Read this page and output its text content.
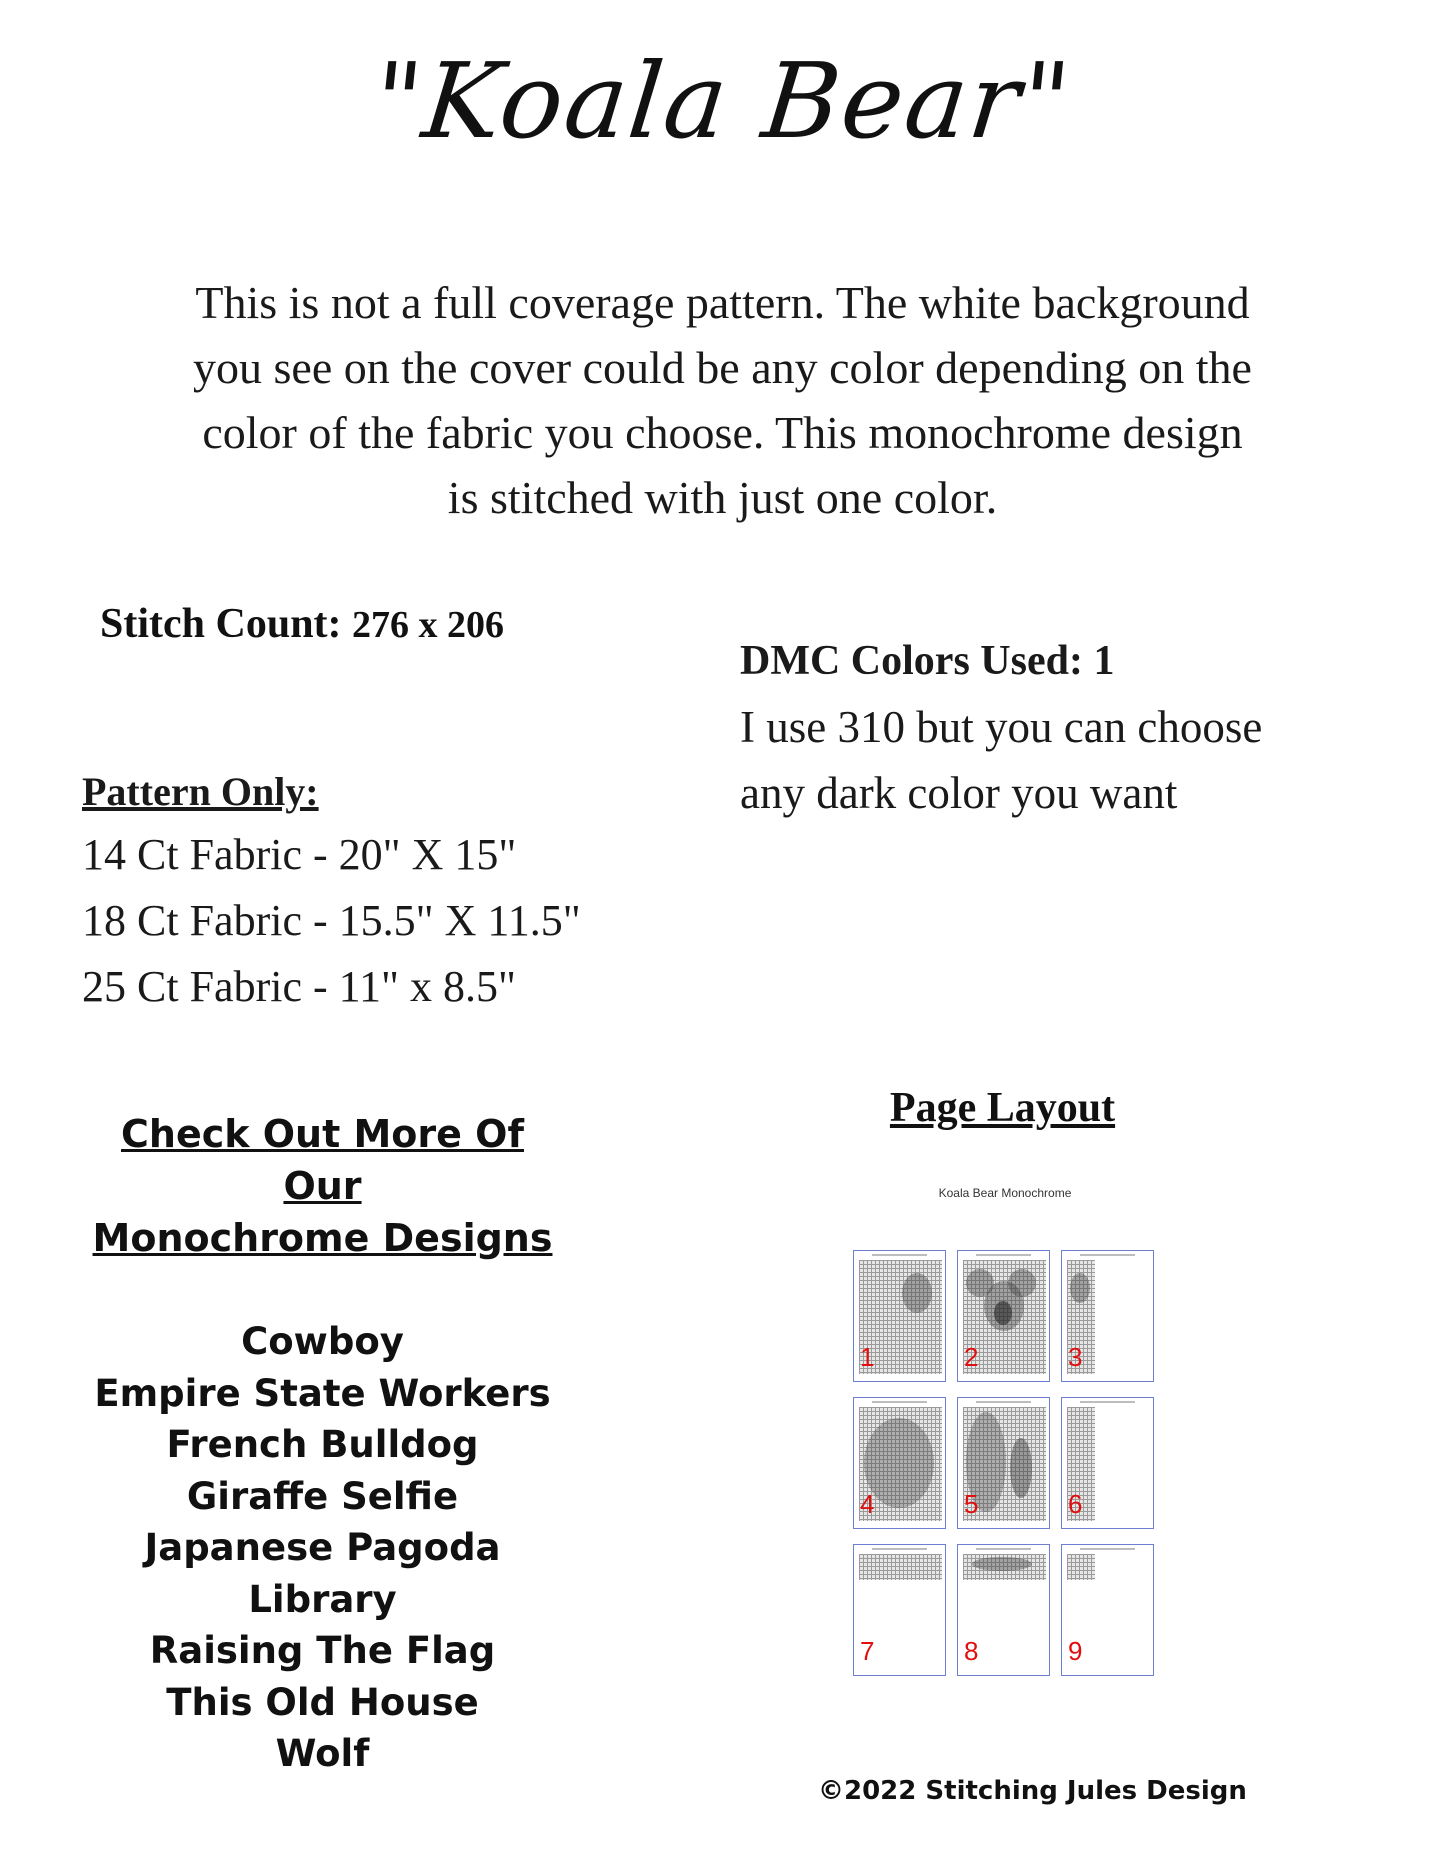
"Koala Bear"
This is not a full coverage pattern. The white background
you see on the cover could be any color depending on the
color of the fabric you choose. This monochrome design
is stitched with just one color.
Stitch Count: 276 x 206
DMC Colors Used: 1
I use 310 but you can choose
any dark color you want
Pattern Only:
14 Ct Fabric - 20" X 15"
18 Ct Fabric - 15.5" X 11.5"
25 Ct Fabric - 11" x 8.5"
Check Out More Of Our
Monochrome Designs
Cowboy
Empire State Workers
French Bulldog
Giraffe Selfie
Japanese Pagoda
Library
Raising The Flag
This Old House
Wolf
Page Layout
Koala Bear Monochrome
1	2	3
4	5	6
7	8	9
©2022 Stitching Jules Design
